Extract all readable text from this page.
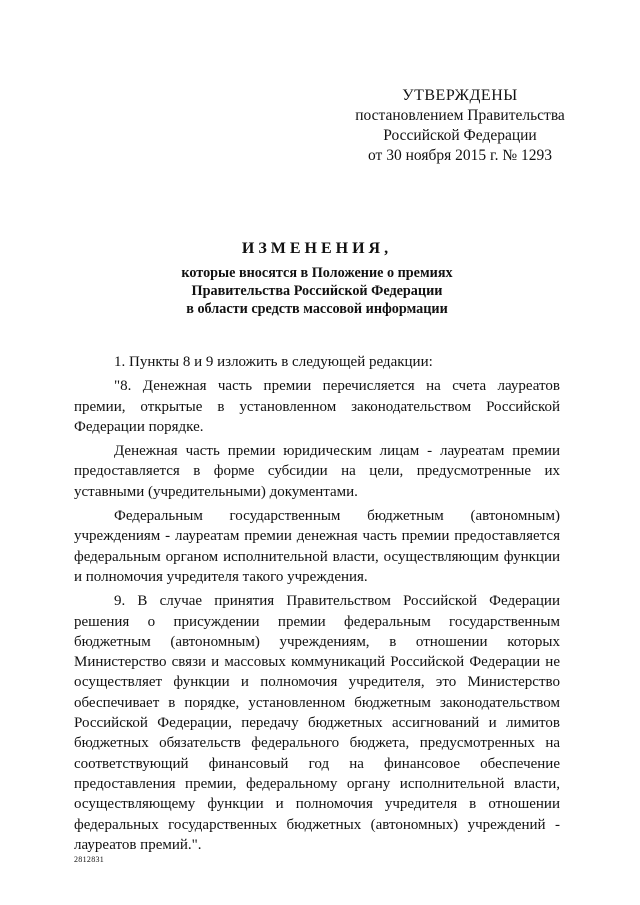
УТВЕРЖДЕНЫ
постановлением Правительства
Российской Федерации
от 30 ноября 2015 г. № 1293
ИЗМЕНЕНИЯ,
которые вносятся в Положение о премиях
Правительства Российской Федерации
в области средств массовой информации

1. Пункты 8 и 9 изложить в следующей редакции:

"8. Денежная часть премии перечисляется на счета лауреатов премии, открытые в установленном законодательством Российской Федерации порядке.

Денежная часть премии юридическим лицам - лауреатам премии предоставляется в форме субсидии на цели, предусмотренные их уставными (учредительными) документами.

Федеральным государственным бюджетным (автономным) учреждениям - лауреатам премии денежная часть премии предоставляется федеральным органом исполнительной власти, осуществляющим функции и полномочия учредителя такого учреждения.

9. В случае принятия Правительством Российской Федерации решения о присуждении премии федеральным государственным бюджетным (автономным) учреждениям, в отношении которых Министерство связи и массовых коммуникаций Российской Федерации не осуществляет функции и полномочия учредителя, это Министерство обеспечивает в порядке, установленном бюджетным законодательством Российской Федерации, передачу бюджетных ассигнований и лимитов бюджетных обязательств федерального бюджета, предусмотренных на соответствующий финансовый год на финансовое обеспечение предоставления премии, федеральному органу исполнительной власти, осуществляющему функции и полномочия учредителя в отношении федеральных государственных бюджетных (автономных) учреждений - лауреатов премий.".

2812831
